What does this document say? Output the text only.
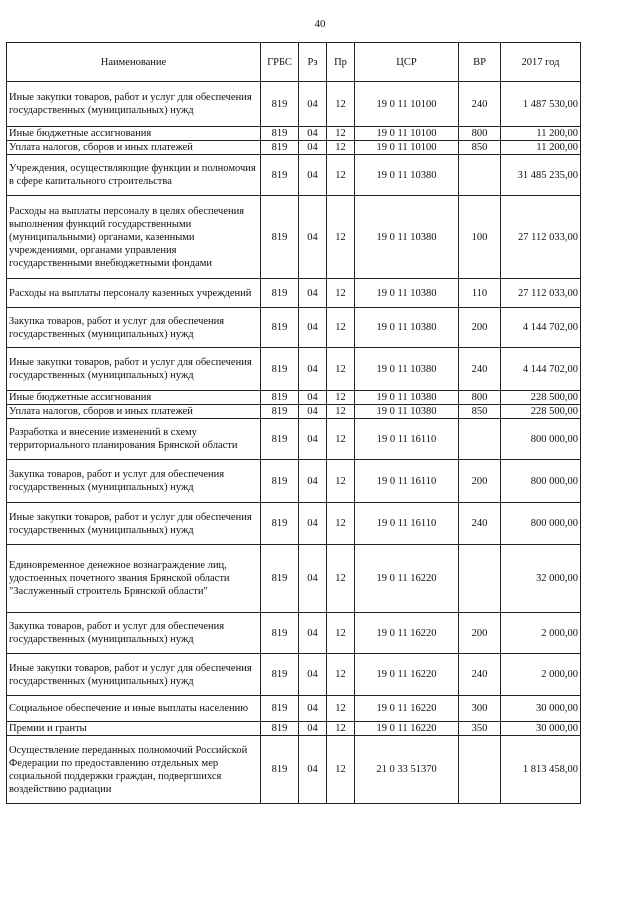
40
Наименование	ГРБС	Рз	Пр	ЦСР	ВР	2017 год
Иные закупки товаров, работ и услуг для обеспечения государственных (муниципальных) нужд	819	04	12	19 0 11 10100	240	1 487 530,00
Иные бюджетные ассигнования	819	04	12	19 0 11 10100	800	11 200,00
Уплата налогов, сборов и иных платежей	819	04	12	19 0 11 10100	850	11 200,00
Учреждения, осуществляющие функции и полномочия в сфере капитального строительства	819	04	12	19 0 11 10380		31 485 235,00
Расходы на выплаты персоналу в целях обеспечения выполнения функций государственными (муниципальными) органами, казенными учреждениями, органами управления государственными внебюджетными фондами	819	04	12	19 0 11 10380	100	27 112 033,00
Расходы на выплаты персоналу казенных учреждений	819	04	12	19 0 11 10380	110	27 112 033,00
Закупка товаров, работ и услуг для обеспечения государственных (муниципальных) нужд	819	04	12	19 0 11 10380	200	4 144 702,00
Иные закупки товаров, работ и услуг для обеспечения государственных (муниципальных) нужд	819	04	12	19 0 11 10380	240	4 144 702,00
Иные бюджетные ассигнования	819	04	12	19 0 11 10380	800	228 500,00
Уплата налогов, сборов и иных платежей	819	04	12	19 0 11 10380	850	228 500,00
Разработка и внесение изменений в схему территориального планирования Брянской области	819	04	12	19 0 11 16110		800 000,00
Закупка товаров, работ и услуг для обеспечения государственных (муниципальных) нужд	819	04	12	19 0 11 16110	200	800 000,00
Иные закупки товаров, работ и услуг для обеспечения государственных (муниципальных) нужд	819	04	12	19 0 11 16110	240	800 000,00
Единовременное денежное вознаграждение лиц, удостоенных почетного звания Брянской области "Заслуженный строитель Брянской области"	819	04	12	19 0 11 16220		32 000,00
Закупка товаров, работ и услуг для обеспечения государственных (муниципальных) нужд	819	04	12	19 0 11 16220	200	2 000,00
Иные закупки товаров, работ и услуг для обеспечения государственных (муниципальных) нужд	819	04	12	19 0 11 16220	240	2 000,00
Социальное обеспечение и иные выплаты населению	819	04	12	19 0 11 16220	300	30 000,00
Премии и гранты	819	04	12	19 0 11 16220	350	30 000,00
Осуществление переданных полномочий Российской Федерации по предоставлению отдельных мер социальной поддержки граждан, подвергшихся воздействию радиации	819	04	12	21 0 33 51370		1 813 458,00
